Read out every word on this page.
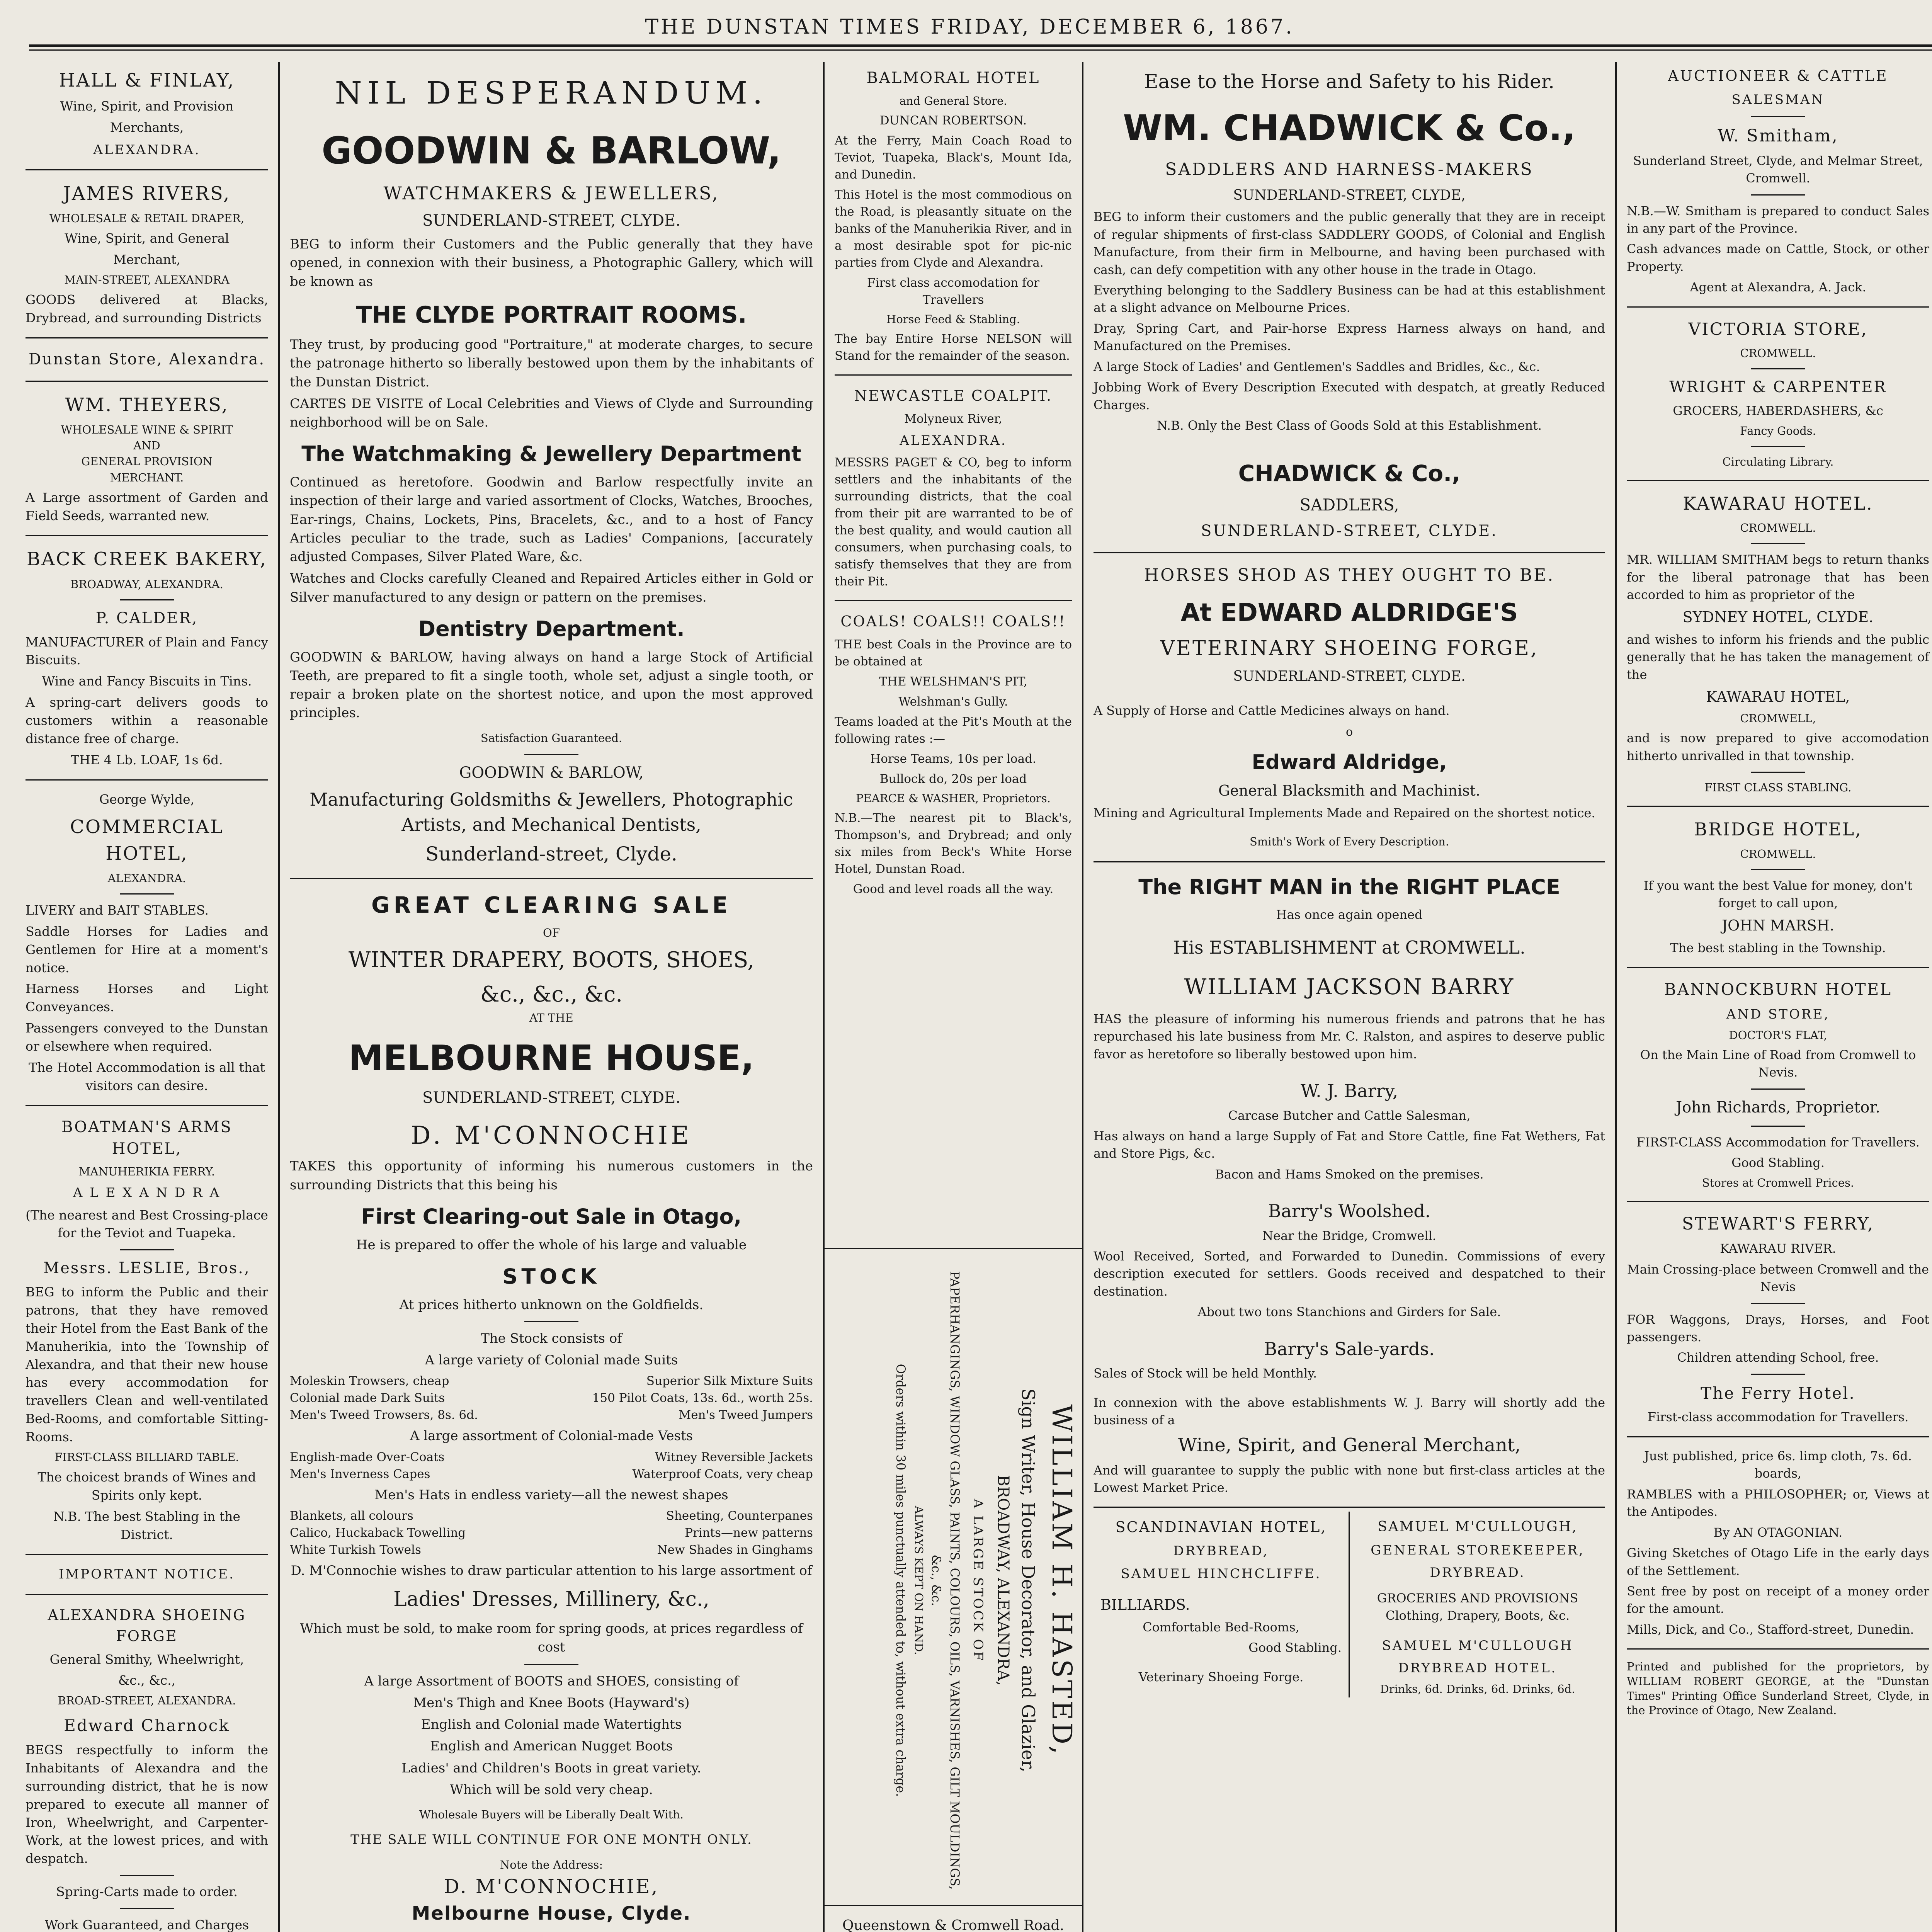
THE DUNSTAN TIMES FRIDAY, DECEMBER 6, 1867.
HALL & FINLAY,
Wine, Spirit, and Provision
Merchants,
ALEXANDRA.
JAMES RIVERS,
WHOLESALE & RETAIL DRAPER,
Wine, Spirit, and General
Merchant,
MAIN-STREET, ALEXANDRA
GOODS delivered at Blacks, Drybread, and surrounding Districts
Dunstan Store, Alexandra.
WM. THEYERS,
WHOLESALE WINE & SPIRIT
AND
GENERAL PROVISION
MERCHANT.
A Large assortment of Garden and Field Seeds, warranted new.
BACK CREEK BAKERY,
BROADWAY, ALEXANDRA.
P. CALDER,
MANUFACTURER of Plain and Fancy Biscuits.
Wine and Fancy Biscuits in Tins.
A spring-cart delivers goods to customers within a reasonable distance free of charge.
THE 4 Lb. LOAF, 1s 6d.
George Wylde,
COMMERCIAL HOTEL,
ALEXANDRA.
LIVERY and BAIT STABLES.
Saddle Horses for Ladies and Gentlemen for Hire at a moment's notice.
Harness Horses and Light Conveyances.
Passengers conveyed to the Dunstan or elsewhere when required.
The Hotel Accommodation is all that visitors can desire.
BOATMAN'S ARMS HOTEL,
MANUHERIKIA FERRY.
A L E X A N D R A
(The nearest and Best Crossing-place for the Teviot and Tuapeka.
Messrs. LESLIE, Bros.,
BEG to inform the Public and their patrons, that they have removed their Hotel from the East Bank of the Manuherikia, into the Township of Alexandra, and that their new house has every accommodation for travellers Clean and well-ventilated Bed-Rooms, and comfortable Sitting-Rooms.
FIRST-CLASS BILLIARD TABLE.
The choicest brands of Wines and Spirits only kept.
N.B. The best Stabling in the District.
IMPORTANT NOTICE.
ALEXANDRA SHOEING FORGE
General Smithy, Wheelwright,
&c., &c.,
BROAD-STREET, ALEXANDRA.
Edward Charnock
BEGS respectfully to inform the Inhabitants of Alexandra and the surrounding district, that he is now prepared to execute all manner of Iron, Wheelwright, and Carpenter-Work, at the lowest prices, and with despatch.
Spring-Carts made to order.
Work Guaranteed, and Charges
NIL DESPERANDUM.
GOODWIN & BARLOW,
WATCHMAKERS & JEWELLERS,
SUNDERLAND-STREET, CLYDE.
BEG to inform their Customers and the Public generally that they have opened, in connexion with their business, a Photographic Gallery, which will be known as
THE CLYDE PORTRAIT ROOMS.
They trust, by producing good "Portraiture," at moderate charges, to secure the patronage hitherto so liberally bestowed upon them by the inhabitants of the Dunstan District.
CARTES DE VISITE of Local Celebrities and Views of Clyde and Surrounding neighborhood will be on Sale.
The Watchmaking & Jewellery Department
Continued as heretofore. Goodwin and Barlow respectfully invite an inspection of their large and varied assortment of Clocks, Watches, Brooches, Ear-rings, Chains, Lockets, Pins, Bracelets, &c., and to a host of Fancy Articles peculiar to the trade, such as Ladies' Companions, [accurately adjusted Compases, Silver Plated Ware, &c.
Watches and Clocks carefully Cleaned and Repaired Articles either in Gold or Silver manufactured to any design or pattern on the premises.
Dentistry Department.
GOODWIN & BARLOW, having always on hand a large Stock of Artificial Teeth, are prepared to fit a single tooth, whole set, adjust a single tooth, or repair a broken plate on the shortest notice, and upon the most approved principles.
Satisfaction Guaranteed.
GOODWIN & BARLOW,
Manufacturing Goldsmiths & Jewellers, Photographic Artists, and Mechanical Dentists,
Sunderland-street, Clyde.
GREAT CLEARING SALE
OF
WINTER DRAPERY, BOOTS, SHOES,
&c., &c., &c.
AT THE
MELBOURNE HOUSE,
SUNDERLAND-STREET, CLYDE.
D. M'CONNOCHIE
TAKES this opportunity of informing his numerous customers in the surrounding Districts that this being his
First Clearing-out Sale in Otago,
He is prepared to offer the whole of his large and valuable
STOCK
At prices hitherto unknown on the Goldfields.
The Stock consists of
A large variety of Colonial made Suits
Moleskin Trowsers, cheap	Superior Silk Mixture Suits
Colonial made Dark Suits	150 Pilot Coats, 13s. 6d., worth 25s.
Men's Tweed Trowsers, 8s. 6d.	Men's Tweed Jumpers
A large assortment of Colonial-made Vests
English-made Over-Coats	Witney Reversible Jackets
Men's Inverness Capes	Waterproof Coats, very cheap
Men's Hats in endless variety—all the newest shapes
Blankets, all colours	Sheeting, Counterpanes
Calico, Huckaback Towelling	Prints—new patterns
White Turkish Towels	New Shades in Ginghams
D. M'Connochie wishes to draw particular attention to his large assortment of
Ladies' Dresses, Millinery, &c.,
Which must be sold, to make room for spring goods, at prices regardless of cost
A large Assortment of BOOTS and SHOES, consisting of
Men's Thigh and Knee Boots (Hayward's)
English and Colonial made Watertights
English and American Nugget Boots
Ladies' and Children's Boots in great variety.
Which will be sold very cheap.
Wholesale Buyers will be Liberally Dealt With.
THE SALE WILL CONTINUE FOR ONE MONTH ONLY.
Note the Address:
D. M'CONNOCHIE,
Melbourne House, Clyde.
BALMORAL HOTEL
and General Store.
DUNCAN ROBERTSON.
At the Ferry, Main Coach Road to Teviot, Tuapeka, Black's, Mount Ida, and Dunedin.
This Hotel is the most commodious on the Road, is pleasantly situate on the banks of the Manuherikia River, and in a most desirable spot for pic-nic parties from Clyde and Alexandra.
First class accomodation for Travellers
Horse Feed & Stabling.
The bay Entire Horse NELSON will Stand for the remainder of the season.
NEWCASTLE COALPIT.
Molyneux River,
ALEXANDRA.
MESSRS PAGET & CO, beg to inform settlers and the inhabitants of the surrounding districts, that the coal from their pit are warranted to be of the best quality, and would caution all consumers, when purchasing coals, to satisfy themselves that they are from their Pit.
COALS! COALS!! COALS!!
THE best Coals in the Province are to be obtained at
THE WELSHMAN'S PIT,
Welshman's Gully.
Teams loaded at the Pit's Mouth at the following rates :—
Horse Teams, 10s per load.
Bullock do, 20s per load
PEARCE & WASHER, Proprietors.
N.B.—The nearest pit to Black's, Thompson's, and Drybread; and only six miles from Beck's White Horse Hotel, Dunstan Road.
Good and level roads all the way.
WILLIAM H. HASTED,
Sign Writer, House Decorator, and Glazier,
BROADWAY, ALEXANDRA,
A LARGE STOCK OF
PAPERHANGINGS, WINDOW GLASS, PAINTS, COLOURS, OILS, VARNISHES, GILT MOULDINGS, &c., &c.
ALWAYS KEPT ON HAND.
Orders within 30 miles punctually attended to, without extra charge.
Queenstown & Cromwell Road.
Ease to the Horse and Safety to his Rider.
WM. CHADWICK & Co.,
SADDLERS AND HARNESS-MAKERS
SUNDERLAND-STREET, CLYDE,
BEG to inform their customers and the public generally that they are in receipt of regular shipments of first-class SADDLERY GOODS, of Colonial and English Manufacture, from their firm in Melbourne, and having been purchased with cash, can defy competition with any other house in the trade in Otago.
Everything belonging to the Saddlery Business can be had at this establishment at a slight advance on Melbourne Prices.
Dray, Spring Cart, and Pair-horse Express Harness always on hand, and Manufactured on the Premises.
A large Stock of Ladies' and Gentlemen's Saddles and Bridles, &c., &c.
Jobbing Work of Every Description Executed with despatch, at greatly Reduced Charges.
N.B. Only the Best Class of Goods Sold at this Establishment.
CHADWICK & Co.,
SADDLERS,
SUNDERLAND-STREET, CLYDE.
HORSES SHOD AS THEY OUGHT TO BE.
At EDWARD ALDRIDGE'S
VETERINARY SHOEING FORGE,
SUNDERLAND-STREET, CLYDE.
A Supply of Horse and Cattle Medicines always on hand.
o
Edward Aldridge,
General Blacksmith and Machinist.
Mining and Agricultural Implements Made and Repaired on the shortest notice.
Smith's Work of Every Description.
The RIGHT MAN in the RIGHT PLACE
Has once again opened
His ESTABLISHMENT at CROMWELL.
WILLIAM JACKSON BARRY
HAS the pleasure of informing his numerous friends and patrons that he has repurchased his late business from Mr. C. Ralston, and aspires to deserve public favor as heretofore so liberally bestowed upon him.
W. J. Barry,
Carcase Butcher and Cattle Salesman,
Has always on hand a large Supply of Fat and Store Cattle, fine Fat Wethers, Fat and Store Pigs, &c.
Bacon and Hams Smoked on the premises.
Barry's Woolshed.
Near the Bridge, Cromwell.
Wool Received, Sorted, and Forwarded to Dunedin. Commissions of every description executed for settlers. Goods received and despatched to their destination.
About two tons Stanchions and Girders for Sale.
Barry's Sale-yards.
Sales of Stock will be held Monthly.
In connexion with the above establishments W. J. Barry will shortly add the business of a
Wine, Spirit, and General Merchant,
And will guarantee to supply the public with none but first-class articles at the Lowest Market Price.
SCANDINAVIAN HOTEL,
DRYBREAD,
SAMUEL HINCHCLIFFE.
BILLIARDS.
Comfortable Bed-Rooms,
Good Stabling.
Veterinary Shoeing Forge.
SAMUEL M'CULLOUGH,
GENERAL STOREKEEPER,
DRYBREAD.
GROCERIES AND PROVISIONS Clothing, Drapery, Boots, &c.
SAMUEL M'CULLOUGH
DRYBREAD HOTEL.
Drinks, 6d. Drinks, 6d. Drinks, 6d.
AUCTIONEER & CATTLE
SALESMAN
W. Smitham,
Sunderland Street, Clyde, and Melmar Street, Cromwell.
N.B.—W. Smitham is prepared to conduct Sales in any part of the Province.
Cash advances made on Cattle, Stock, or other Property.
Agent at Alexandra, A. Jack.
VICTORIA STORE,
CROMWELL.
WRIGHT & CARPENTER
GROCERS, HABERDASHERS, &c
Fancy Goods.
Circulating Library.
KAWARAU HOTEL.
CROMWELL.
MR. WILLIAM SMITHAM begs to return thanks for the liberal patronage that has been accorded to him as proprietor of the
SYDNEY HOTEL, CLYDE.
and wishes to inform his friends and the public generally that he has taken the management of the
KAWARAU HOTEL,
CROMWELL,
and is now prepared to give accomodation hitherto unrivalled in that township.
FIRST CLASS STABLING.
BRIDGE HOTEL,
CROMWELL.
If you want the best Value for money, don't forget to call upon,
JOHN MARSH.
The best stabling in the Township.
BANNOCKBURN HOTEL
AND STORE,
DOCTOR'S FLAT,
On the Main Line of Road from Cromwell to Nevis.
John Richards, Proprietor.
FIRST-CLASS Accommodation for Travellers.
Good Stabling.
Stores at Cromwell Prices.
STEWART'S FERRY,
KAWARAU RIVER.
Main Crossing-place between Cromwell and the Nevis
FOR Waggons, Drays, Horses, and Foot passengers.
Children attending School, free.
The Ferry Hotel.
First-class accommodation for Travellers.
Just published, price 6s. limp cloth, 7s. 6d. boards,
RAMBLES with a PHILOSOPHER; or, Views at the Antipodes.
By AN OTAGONIAN.
Giving Sketches of Otago Life in the early days of the Settlement.
Sent free by post on receipt of a money order for the amount.
Mills, Dick, and Co., Stafford-street, Dunedin.
Printed and published for the proprietors, by WILLIAM ROBERT GEORGE, at the "Dunstan Times" Printing Office Sunderland Street, Clyde, in the Province of Otago, New Zealand.
